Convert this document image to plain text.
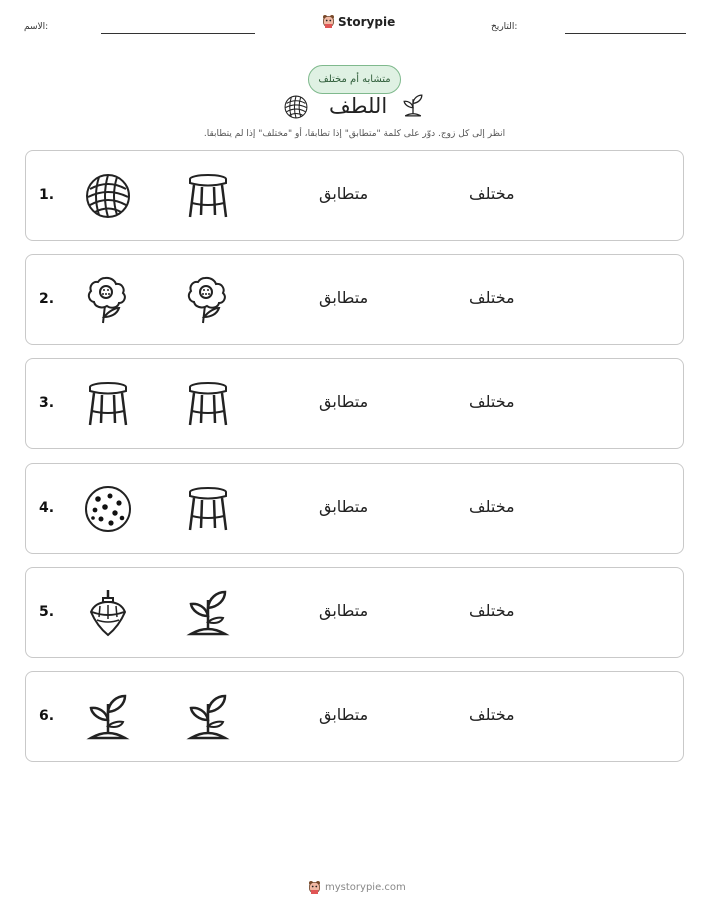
الاسم:	Storypie	التاريخ:
متشابه أم مختلف
اللطف
انظر إلى كل زوج. دوّر على كلمة "متطابق" إذا تطابقا، أو "مختلف" إذا لم يتطابقا.
1.	متطابق	مختلف
2.	متطابق	مختلف
3.	متطابق	مختلف
4.	متطابق	مختلف
5.	متطابق	مختلف
6.	متطابق	مختلف
mystorypie.com
